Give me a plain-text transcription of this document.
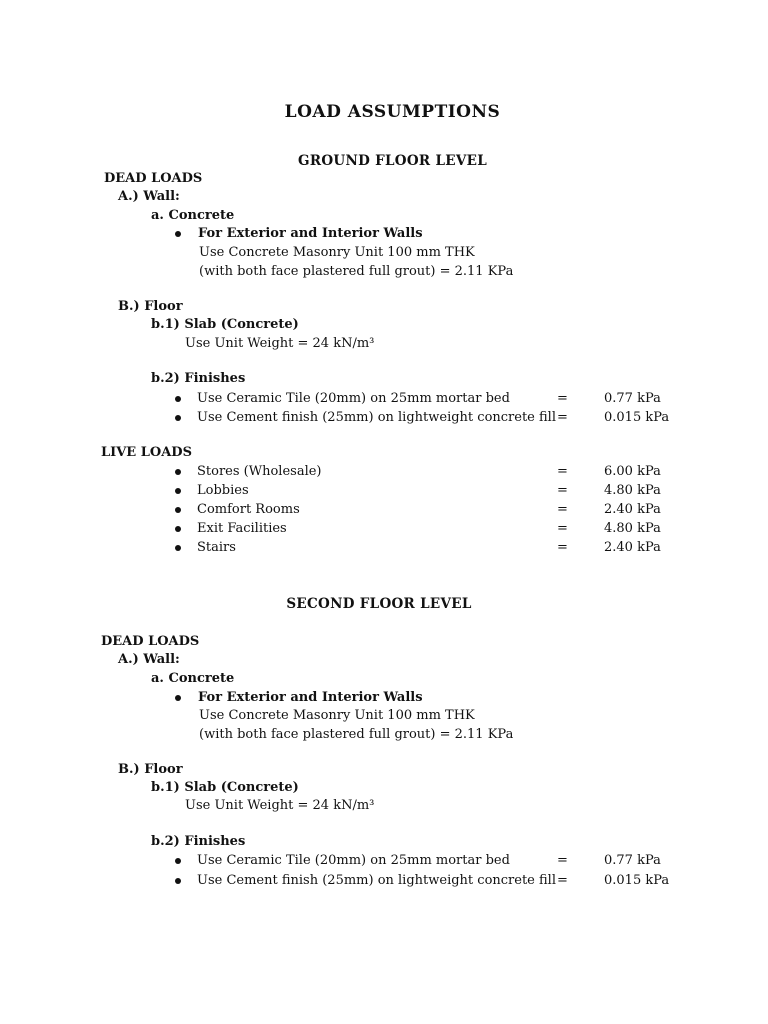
LOAD ASSUMPTIONS
GROUND FLOOR LEVEL
DEAD LOADS
A.) Wall:
a. Concrete
For Exterior and Interior Walls
Use Concrete Masonry Unit 100 mm THK
(with both face plastered full grout) = 2.11 KPa
B.) Floor
b.1) Slab (Concrete)
Use Unit Weight = 24 kN/m³
b.2) Finishes
Use Ceramic Tile (20mm) on 25mm mortar bed	=	0.77 kPa
Use Cement finish (25mm) on lightweight concrete fill =	0.015 kPa
LIVE LOADS
Stores (Wholesale)	=	6.00 kPa
Lobbies	=	4.80 kPa
Comfort Rooms	=	2.40 kPa
Exit Facilities	=	4.80 kPa
Stairs	=	2.40 kPa
SECOND FLOOR LEVEL
DEAD LOADS
A.) Wall:
a. Concrete
For Exterior and Interior Walls
Use Concrete Masonry Unit 100 mm THK
(with both face plastered full grout) = 2.11 KPa
B.) Floor
b.1) Slab (Concrete)
Use Unit Weight = 24 kN/m³
b.2) Finishes
Use Ceramic Tile (20mm) on 25mm mortar bed	=	0.77 kPa
Use Cement finish (25mm) on lightweight concrete fill =	0.015 kPa
